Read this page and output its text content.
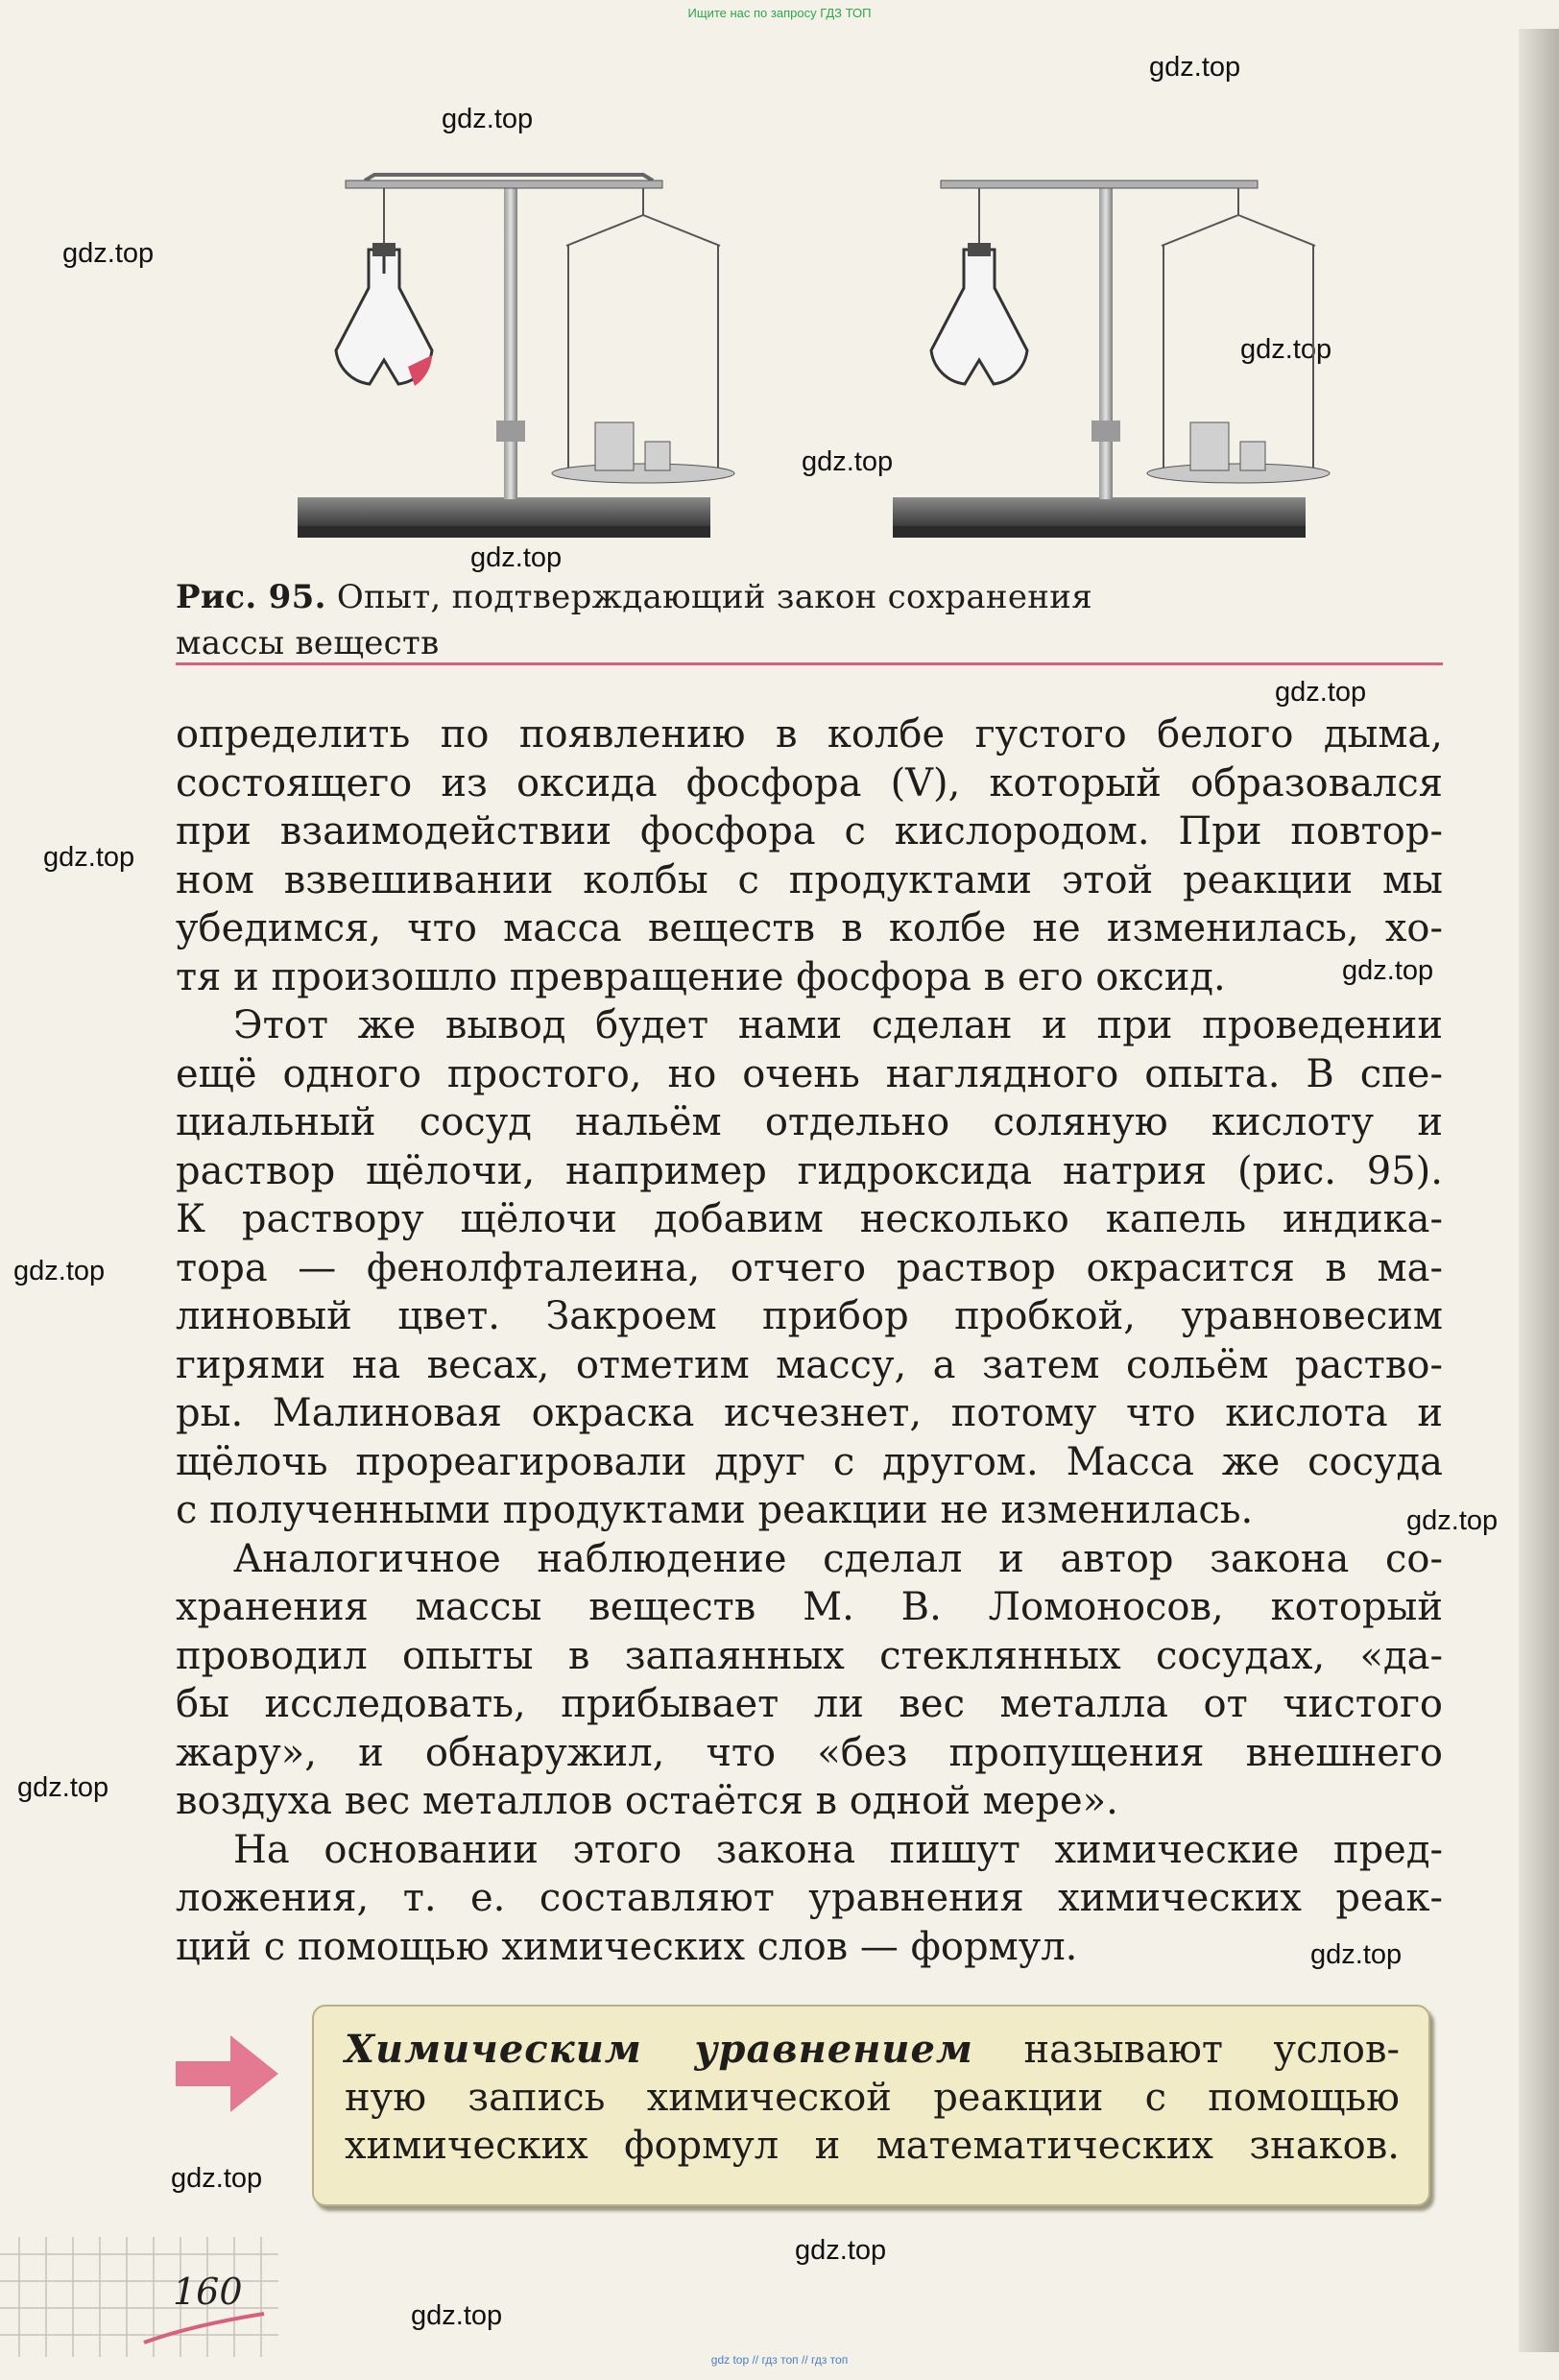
Ищите нас по запросу ГДЗ ТОП
gdz.top
gdz.top
gdz.top
gdz.top
gdz.top
gdz.top
gdz.top
gdz.top
gdz.top
gdz.top
gdz.top
gdz.top
gdz.top
gdz.top
gdz.top
gdz.top
Рис. 95. Опыт, подтверждающий закон сохранения
массы веществ
определить по появлению в колбе густого белого дыма,
состоящего из оксида фосфора (V), который образовался
при взаимодействии фосфора с кислородом. При повтор-
ном взвешивании колбы с продуктами этой реакции мы
убедимся, что масса веществ в колбе не изменилась, хо-
тя и произошло превращение фосфора в его оксид.
Этот же вывод будет нами сделан и при проведении
ещё одного простого, но очень наглядного опыта. В спе-
циальный сосуд нальём отдельно соляную кислоту и
раствор щёлочи, например гидроксида натрия (рис. 95).
К раствору щёлочи добавим несколько капель индика-
тора — фенолфталеина, отчего раствор окрасится в ма-
линовый цвет. Закроем прибор пробкой, уравновесим
гирями на весах, отметим массу, а затем сольём раство-
ры. Малиновая окраска исчезнет, потому что кислота и
щёлочь прореагировали друг с другом. Масса же сосуда
с полученными продуктами реакции не изменилась.
Аналогичное наблюдение сделал и автор закона со-
хранения массы веществ М. В. Ломоносов, который
проводил опыты в запаянных стеклянных сосудах, «да-
бы исследовать, прибывает ли вес металла от чистого
жару», и обнаружил, что «без пропущения внешнего
воздуха вес металлов остаётся в одной мере».
На основании этого закона пишут химические пред-
ложения, т. е. составляют уравнения химических реак-
ций с помощью химических слов — формул.
Химическим уравнением называют услов-
ную запись химической реакции с помощью
химических формул и математических знаков.
160
gdz top // гдз топ // гдз топ
